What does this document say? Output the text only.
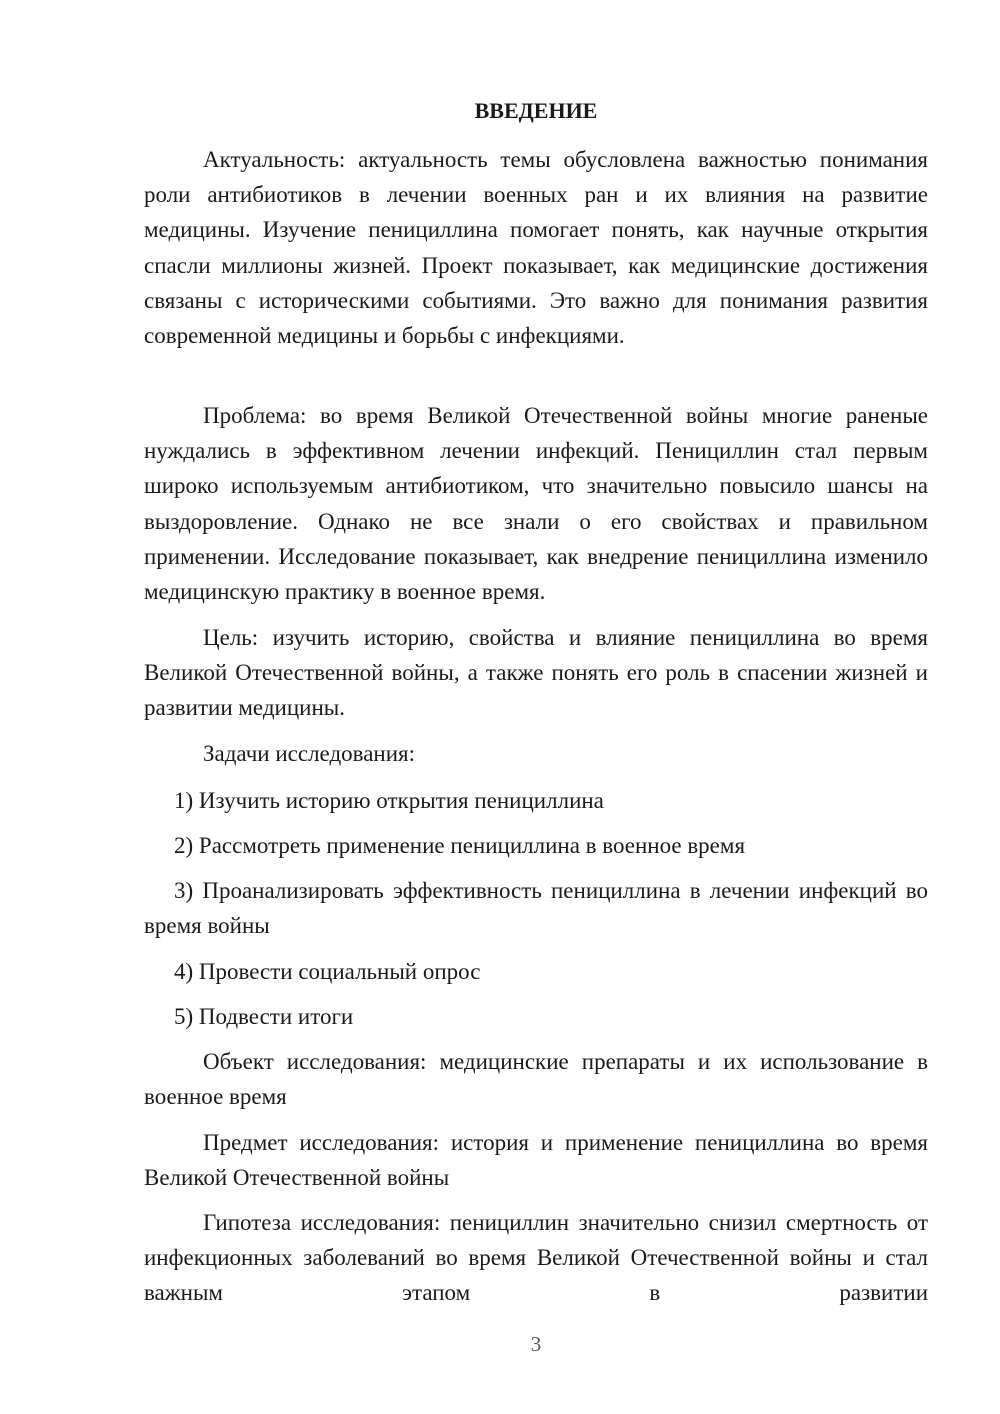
ВВЕДЕНИЕ

Актуальность: актуальность темы обусловлена важностью понимания роли антибиотиков в лечении военных ран и их влияния на развитие медицины. Изучение пенициллина помогает понять, как научные открытия спасли миллионы жизней. Проект показывает, как медицинские достижения связаны с историческими событиями. Это важно для понимания развития современной медицины и борьбы с инфекциями.

Проблема: во время Великой Отечественной войны многие раненые нуждались в эффективном лечении инфекций. Пенициллин стал первым широко используемым антибиотиком, что значительно повысило шансы на выздоровление. Однако не все знали о его свойствах и правильном применении. Исследование показывает, как внедрение пенициллина изменило медицинскую практику в военное время.

Цель: изучить историю, свойства и влияние пенициллина во время Великой Отечественной войны, а также понять его роль в спасении жизней и развитии медицины.

Задачи исследования:

1) Изучить историю открытия пенициллина

2) Рассмотреть применение пенициллина в военное время

3) Проанализировать эффективность пенициллина в лечении инфекций во время войны

4) Провести социальный опрос

5) Подвести итоги

Объект исследования: медицинские препараты и их использование в военное время

Предмет исследования: история и применение пенициллина во время Великой Отечественной войны

Гипотеза исследования: пенициллин значительно снизил смертность от инфекционных заболеваний во время Великой Отечественной войны и стал важным этапом в развитии

3
